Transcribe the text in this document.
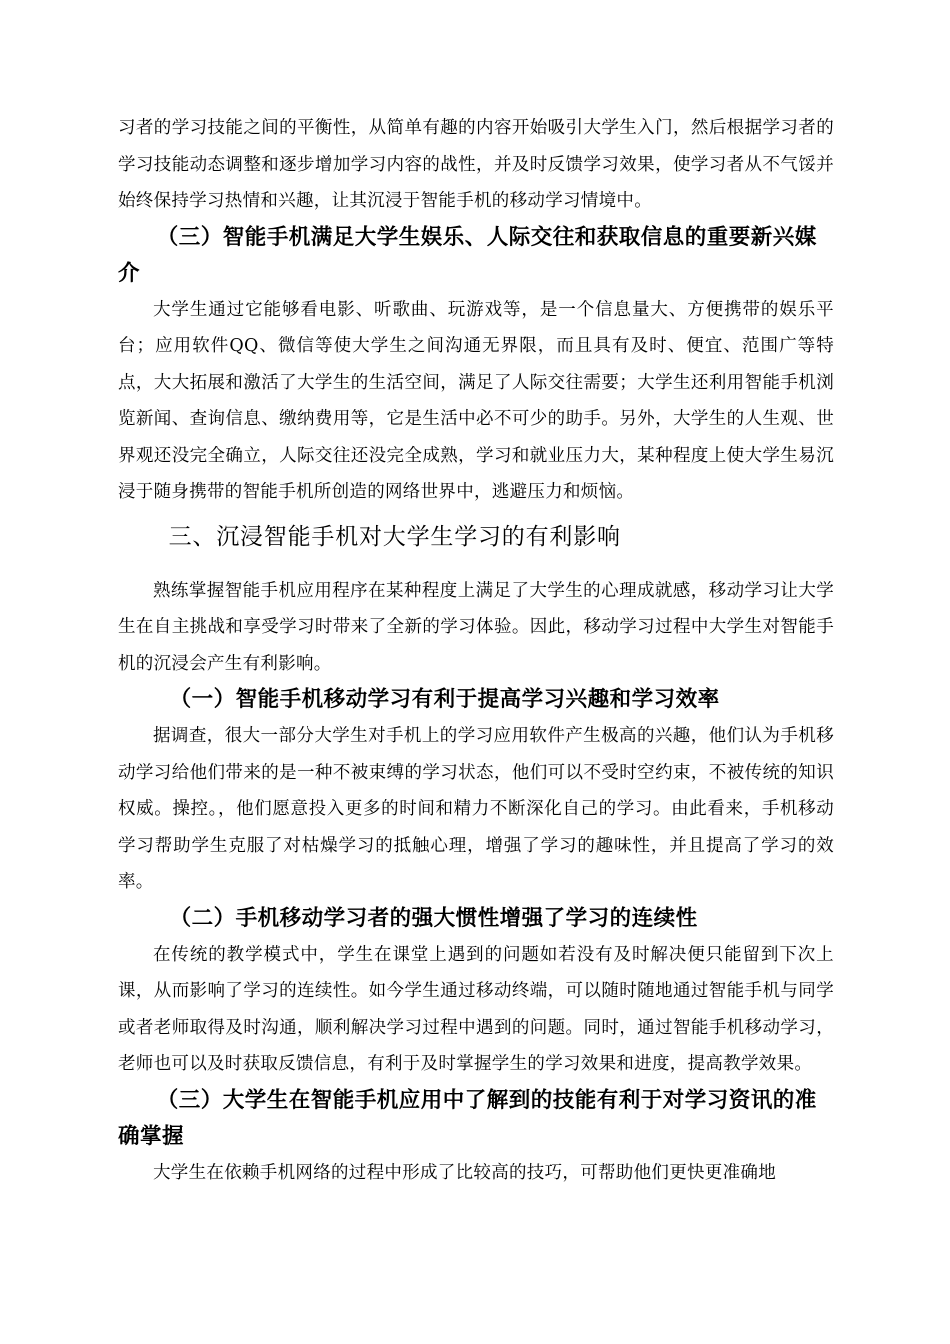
习者的学习技能之间的平衡性，从简单有趣的内容开始吸引大学生入门，然后根据学习者的学习技能动态调整和逐步增加学习内容的战性，并及时反馈学习效果，使学习者从不气馁并始终保持学习热情和兴趣，让其沉浸于智能手机的移动学习情境中。

（三）智能手机满足大学生娱乐、人际交往和获取信息的重要新兴媒介

大学生通过它能够看电影、听歌曲、玩游戏等，是一个信息量大、方便携带的娱乐平台；应用软件QQ、微信等使大学生之间沟通无界限，而且具有及时、便宜、范围广等特点，大大拓展和激活了大学生的生活空间，满足了人际交往需要；大学生还利用智能手机浏览新闻、查询信息、缴纳费用等，它是生活中必不可少的助手。另外，大学生的人生观、世界观还没完全确立，人际交往还没完全成熟，学习和就业压力大，某种程度上使大学生易沉浸于随身携带的智能手机所创造的网络世界中，逃避压力和烦恼。

三、沉浸智能手机对大学生学习的有利影响

熟练掌握智能手机应用程序在某种程度上满足了大学生的心理成就感，移动学习让大学生在自主挑战和享受学习时带来了全新的学习体验。因此，移动学习过程中大学生对智能手机的沉浸会产生有利影响。

（一）智能手机移动学习有利于提高学习兴趣和学习效率

据调查，很大一部分大学生对手机上的学习应用软件产生极高的兴趣，他们认为手机移动学习给他们带来的是一种不被束缚的学习状态，他们可以不受时空约束，不被传统的知识权威。操控。，他们愿意投入更多的时间和精力不断深化自己的学习。由此看来，手机移动学习帮助学生克服了对枯燥学习的抵触心理，增强了学习的趣味性，并且提高了学习的效率。

（二）手机移动学习者的强大惯性增强了学习的连续性

在传统的教学模式中，学生在课堂上遇到的问题如若没有及时解决便只能留到下次上课，从而影响了学习的连续性。如今学生通过移动终端，可以随时随地通过智能手机与同学或者老师取得及时沟通，顺利解决学习过程中遇到的问题。同时，通过智能手机移动学习，老师也可以及时获取反馈信息，有利于及时掌握学生的学习效果和进度，提高教学效果。

（三）大学生在智能手机应用中了解到的技能有利于对学习资讯的准确掌握

大学生在依赖手机网络的过程中形成了比较高的技巧，可帮助他们更快更准确地
